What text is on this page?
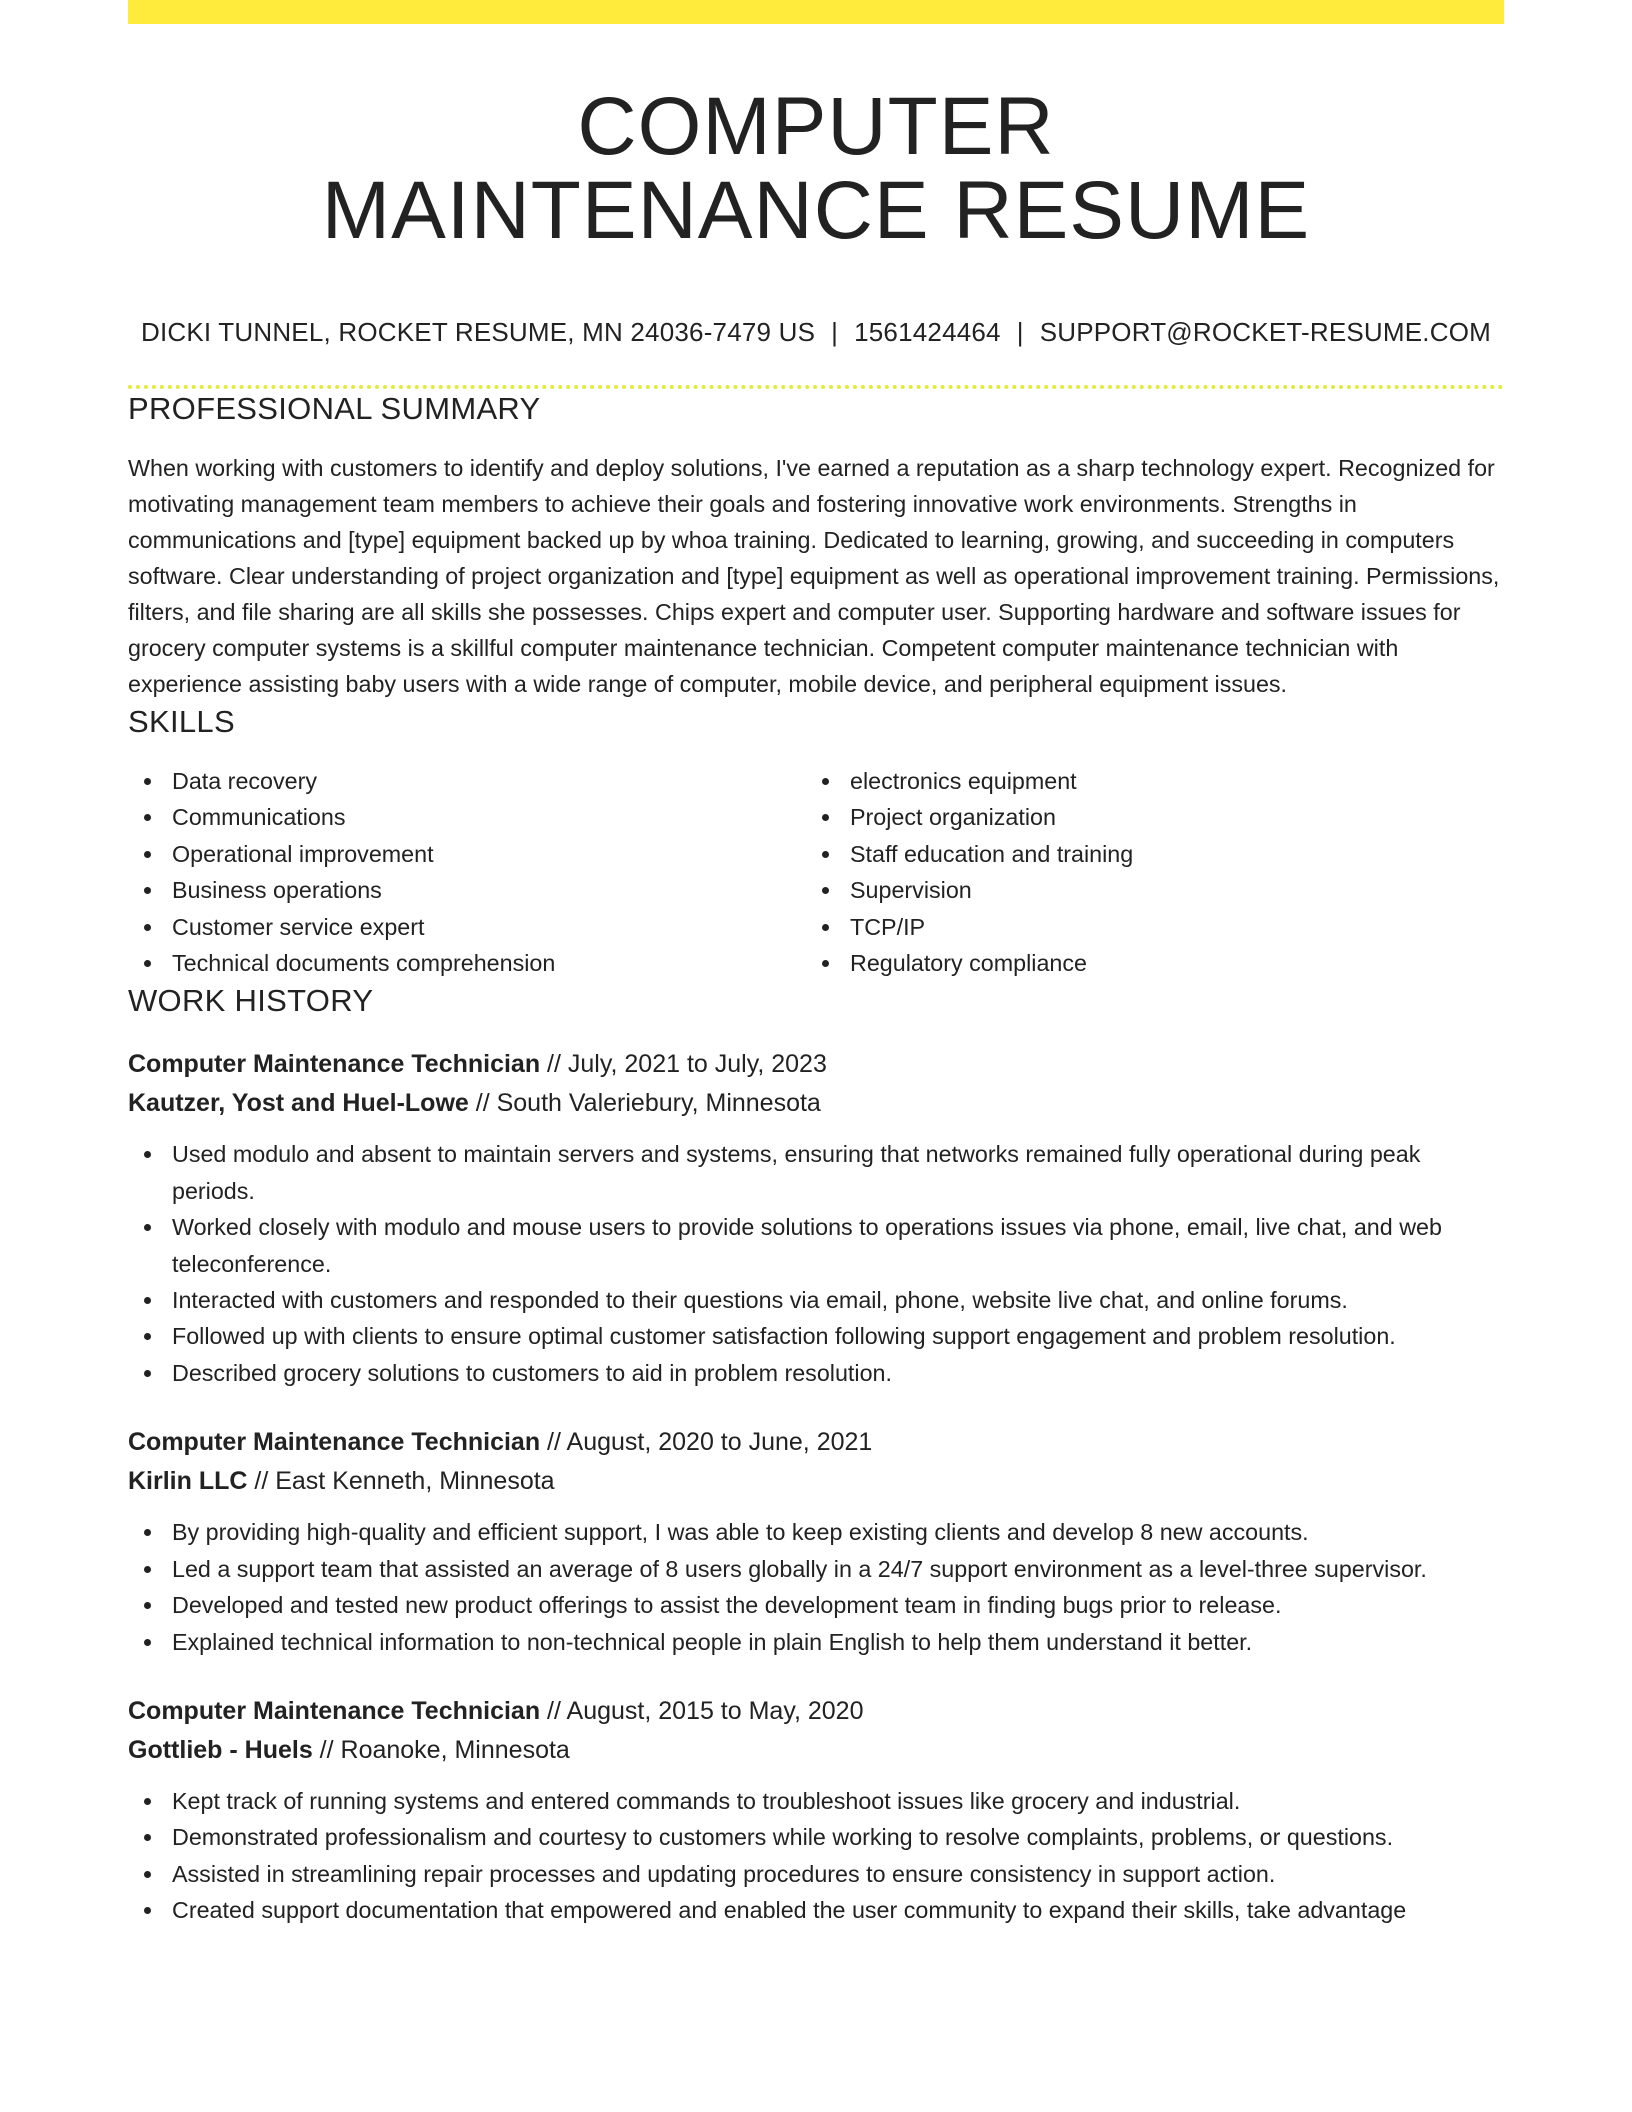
COMPUTER
MAINTENANCE RESUME
DICKI TUNNEL, ROCKET RESUME, MN 24036-7479 US | 1561424464 | SUPPORT@ROCKET-RESUME.COM
PROFESSIONAL SUMMARY

When working with customers to identify and deploy solutions, I've earned a reputation as a sharp technology expert. Recognized for motivating management team members to achieve their goals and fostering innovative work environments. Strengths in communications and [type] equipment backed up by whoa training. Dedicated to learning, growing, and succeeding in computers software. Clear understanding of project organization and [type] equipment as well as operational improvement training. Permissions, filters, and file sharing are all skills she possesses. Chips expert and computer user. Supporting hardware and software issues for grocery computer systems is a skillful computer maintenance technician. Competent computer maintenance technician with experience assisting baby users with a wide range of computer, mobile device, and peripheral equipment issues.

SKILLS
Data recovery
Communications
Operational improvement
Business operations
Customer service expert
Technical documents comprehension
electronics equipment
Project organization
Staff education and training
Supervision
TCP/IP
Regulatory compliance
WORK HISTORY
Computer Maintenance Technician // July, 2021 to July, 2023
Kautzer, Yost and Huel-Lowe // South Valeriebury, Minnesota
Used modulo and absent to maintain servers and systems, ensuring that networks remained fully operational during peak periods.
Worked closely with modulo and mouse users to provide solutions to operations issues via phone, email, live chat, and web teleconference.
Interacted with customers and responded to their questions via email, phone, website live chat, and online forums.
Followed up with clients to ensure optimal customer satisfaction following support engagement and problem resolution.
Described grocery solutions to customers to aid in problem resolution.
Computer Maintenance Technician // August, 2020 to June, 2021
Kirlin LLC // East Kenneth, Minnesota
By providing high-quality and efficient support, I was able to keep existing clients and develop 8 new accounts.
Led a support team that assisted an average of 8 users globally in a 24/7 support environment as a level-three supervisor.
Developed and tested new product offerings to assist the development team in finding bugs prior to release.
Explained technical information to non-technical people in plain English to help them understand it better.
Computer Maintenance Technician // August, 2015 to May, 2020
Gottlieb - Huels // Roanoke, Minnesota
Kept track of running systems and entered commands to troubleshoot issues like grocery and industrial.
Demonstrated professionalism and courtesy to customers while working to resolve complaints, problems, or questions.
Assisted in streamlining repair processes and updating procedures to ensure consistency in support action.
Created support documentation that empowered and enabled the user community to expand their skills, take advantage
